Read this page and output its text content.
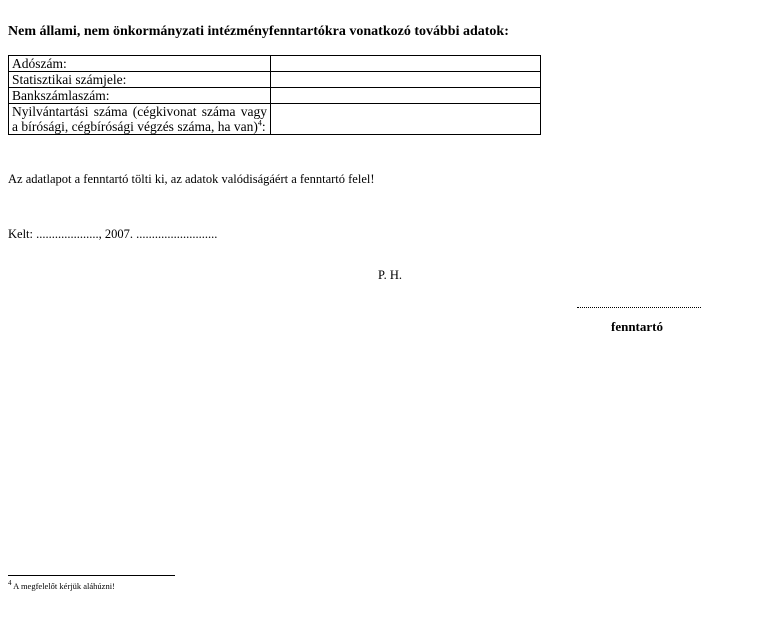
Nem állami, nem önkormányzati intézményfenntartókra vonatkozó további adatok:
Adószám:	
Statisztikai számjele:	
Bankszámlaszám:	
Nyilvántartási száma (cégkivonat száma vagy a bírósági, cégbírósági végzés száma, ha van)$^4$:	
Az adatlapot a fenntartó tölti ki, az adatok valódiságáért a fenntartó felel!
Kelt: ...................., 2007. ..........................
P. H.
fenntartó
$^4$ A megfelelőt kérjük aláhúzni!
